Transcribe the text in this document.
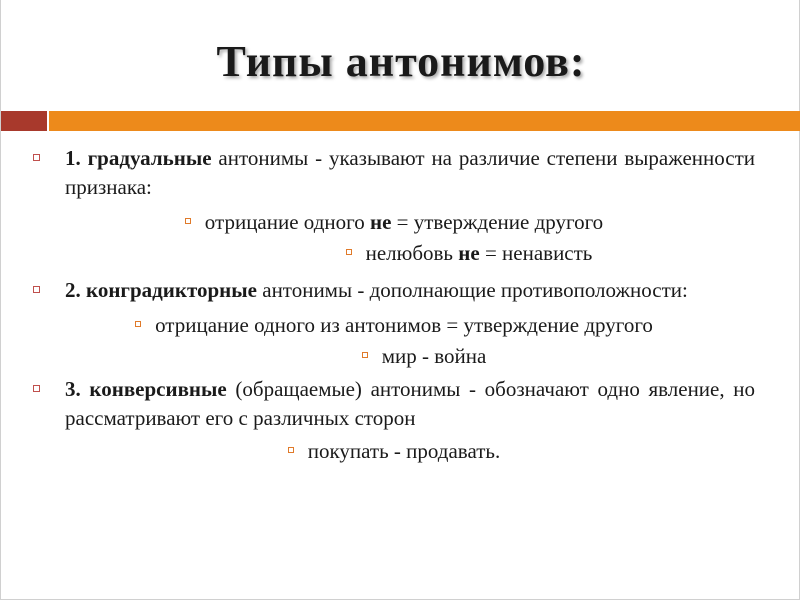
Типы антонимов:
1. градуальные антонимы - указывают на различие степени выраженности признака:
отрицание одного не = утверждение другого
нелюбовь не = ненависть
2. конградикторные антонимы - дополнающие противоположности:
отрицание одного из антонимов = утверждение другого
мир - война
3. конверсивные (обращаемые) антонимы - обозначают одно явление, но рассматривают его с различных сторон
покупать - продавать.
